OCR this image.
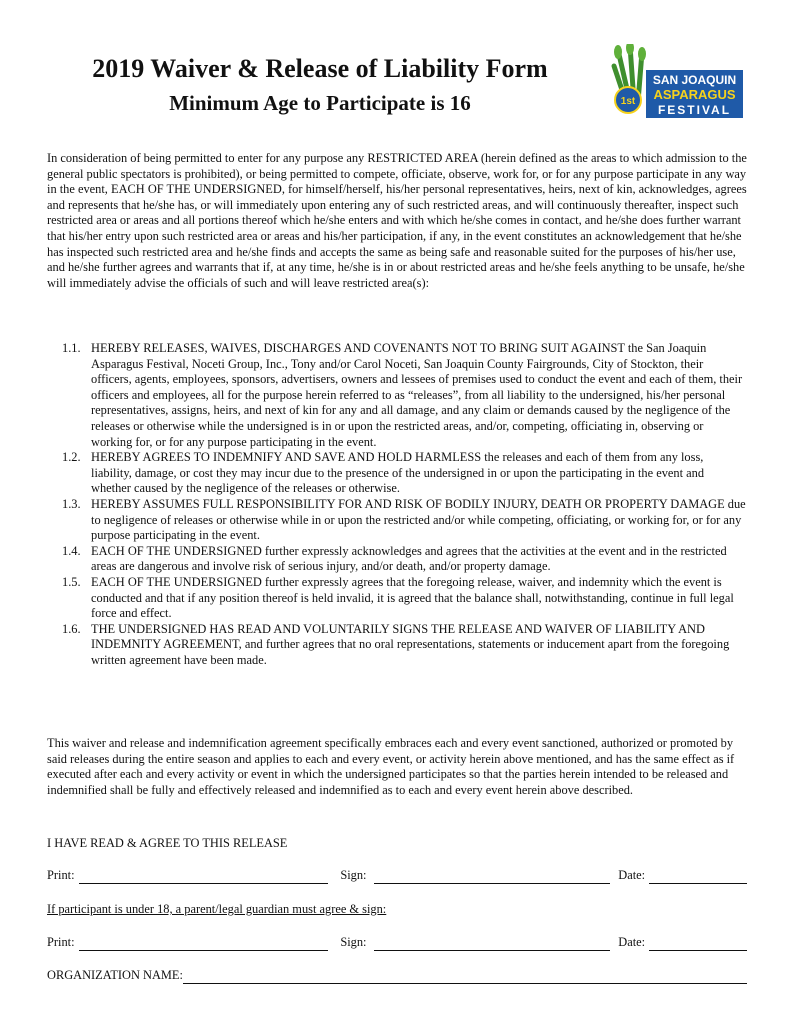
2019 Waiver & Release of Liability Form
Minimum Age to Participate is 16	1st
SAN JOAQUIN
ASPARAGUS
FESTIVAL

In consideration of being permitted to enter for any purpose any RESTRICTED AREA (herein defined as the areas to which admission to the general public spectators is prohibited), or being permitted to compete, officiate, observe, work for, or for any purpose participate in any way in the event, EACH OF THE UNDERSIGNED, for himself/herself, his/her personal representatives, heirs, next of kin, acknowledges, agrees and represents that he/she has, or will immediately upon entering any of such restricted areas, and will continuously thereafter, inspect such restricted area or areas and all portions thereof which he/she enters and with which he/she comes in contact, and he/she does further warrant that his/her entry upon such restricted area or areas and his/her participation, if any, in the event constitutes an acknowledgement that he/she has inspected such restricted area and he/she finds and accepts the same as being safe and reasonable suited for the purposes of his/her use, and he/she further agrees and warrants that if, at any time, he/she is in or about restricted areas and he/she feels anything to be unsafe, he/she will immediately advise the officials of such and will leave restricted area(s):

1.1. HEREBY RELEASES, WAIVES, DISCHARGES AND COVENANTS NOT TO BRING SUIT AGAINST the San Joaquin Asparagus Festival, Noceti Group, Inc., Tony and/or Carol Noceti, San Joaquin County Fairgrounds, City of Stockton, their officers, agents, employees, sponsors, advertisers, owners and lessees of premises used to conduct the event and each of them, their officers and employees, all for the purpose herein referred to as “releases”, from all liability to the undersigned, his/her personal representatives, assigns, heirs, and next of kin for any and all damage, and any claim or demands caused by the negligence of the releases or otherwise while the undersigned is in or upon the restricted areas, and/or, competing, officiating in, observing or working for, or for any purpose participating in the event.
1.2. HEREBY AGREES TO INDEMNIFY AND SAVE AND HOLD HARMLESS the releases and each of them from any loss, liability, damage, or cost they may incur due to the presence of the undersigned in or upon the participating in the event and whether caused by the negligence of the releases or otherwise.
1.3. HEREBY ASSUMES FULL RESPONSIBILITY FOR AND RISK OF BODILY INJURY, DEATH OR PROPERTY DAMAGE due to negligence of releases or otherwise while in or upon the restricted and/or while competing, officiating, or working for, or for any purpose participating in the event.
1.4. EACH OF THE UNDERSIGNED further expressly acknowledges and agrees that the activities at the event and in the restricted areas are dangerous and involve risk of serious injury, and/or death, and/or property damage.
1.5. EACH OF THE UNDERSIGNED further expressly agrees that the foregoing release, waiver, and indemnity which the event is conducted and that if any position thereof is held invalid, it is agreed that the balance shall, notwithstanding, continue in full legal force and effect.
1.6. THE UNDERSIGNED HAS READ AND VOLUNTARILY SIGNS THE RELEASE AND WAIVER OF LIABILITY AND INDEMNITY AGREEMENT, and further agrees that no oral representations, statements or inducement apart from the foregoing written agreement have been made.

This waiver and release and indemnification agreement specifically embraces each and every event sanctioned, authorized or promoted by said releases during the entire season and applies to each and every event, or activity herein above mentioned, and has the same effect as if executed after each and every activity or event in which the undersigned participates so that the parties herein intended to be released and indemnified shall be fully and effectively released and indemnified as to each and every event herein above described.

I HAVE READ & AGREE TO THIS RELEASE
Print:	Sign:	Date:
If participant is under 18, a parent/legal guardian must agree & sign:
Print:	Sign:	Date:
ORGANIZATION NAME:
